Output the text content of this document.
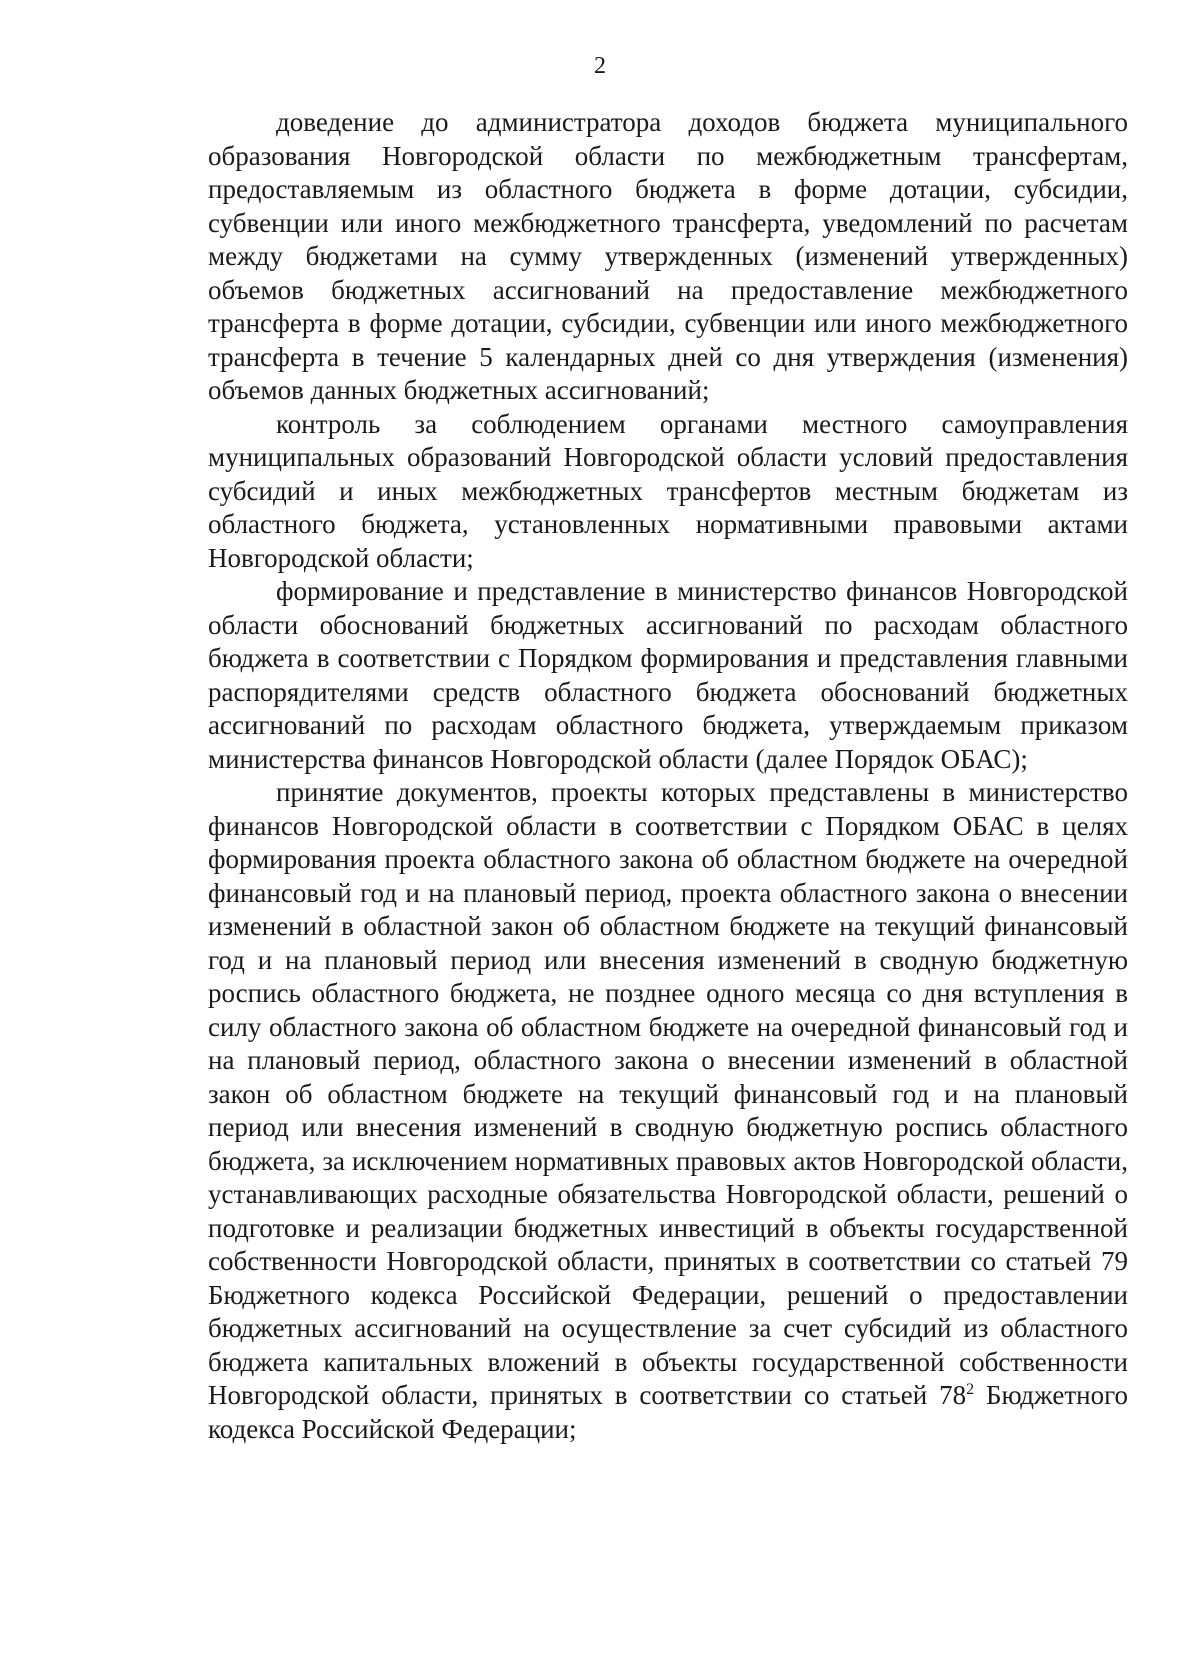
2

доведение до администратора доходов бюджета муниципального образования Новгородской области по межбюджетным трансфертам, предоставляемым из областного бюджета в форме дотации, субсидии, субвенции или иного межбюджетного трансферта, уведомлений по расчетам между бюджетами на сумму утвержденных (изменений утвержденных) объемов бюджетных ассигнований на предоставление межбюджетного трансферта в форме дотации, субсидии, субвенции или иного межбюджетного трансферта в течение 5 календарных дней со дня утверждения (изменения) объемов данных бюджетных ассигнований;

контроль за соблюдением органами местного самоуправления муниципальных образований Новгородской области условий предоставления субсидий и иных межбюджетных трансфертов местным бюджетам из областного бюджета, установленных нормативными правовыми актами Новгородской области;

формирование и представление в министерство финансов Новгородской области обоснований бюджетных ассигнований по расходам областного бюджета в соответствии с Порядком формирования и представления главными распорядителями средств областного бюджета обоснований бюджетных ассигнований по расходам областного бюджета, утверждаемым приказом министерства финансов Новгородской области (далее Порядок ОБАС);

принятие документов, проекты которых представлены в министерство финансов Новгородской области в соответствии с Порядком ОБАС в целях формирования проекта областного закона об областном бюджете на очередной финансовый год и на плановый период, проекта областного закона о внесении изменений в областной закон об областном бюджете на текущий финансовый год и на плановый период или внесения изменений в сводную бюджетную роспись областного бюджета, не позднее одного месяца со дня вступления в силу областного закона об областном бюджете на очередной финансовый год и на плановый период, областного закона о внесении изменений в областной закон об областном бюджете на текущий финансовый год и на плановый период или внесения изменений в сводную бюджетную роспись областного бюджета, за исключением нормативных правовых актов Новгородской области, устанавливающих расходные обязательства Новгородской области, решений о подготовке и реализации бюджетных инвестиций в объекты государственной собственности Новгородской области, принятых в соответствии со статьей 79 Бюджетного кодекса Российской Федерации, решений о предоставлении бюджетных ассигнований на осуществление за счет субсидий из областного бюджета капитальных вложений в объекты государственной собственности Новгородской области, принятых в соответствии со статьей $78^2$ Бюджетного кодекса Российской Федерации;
